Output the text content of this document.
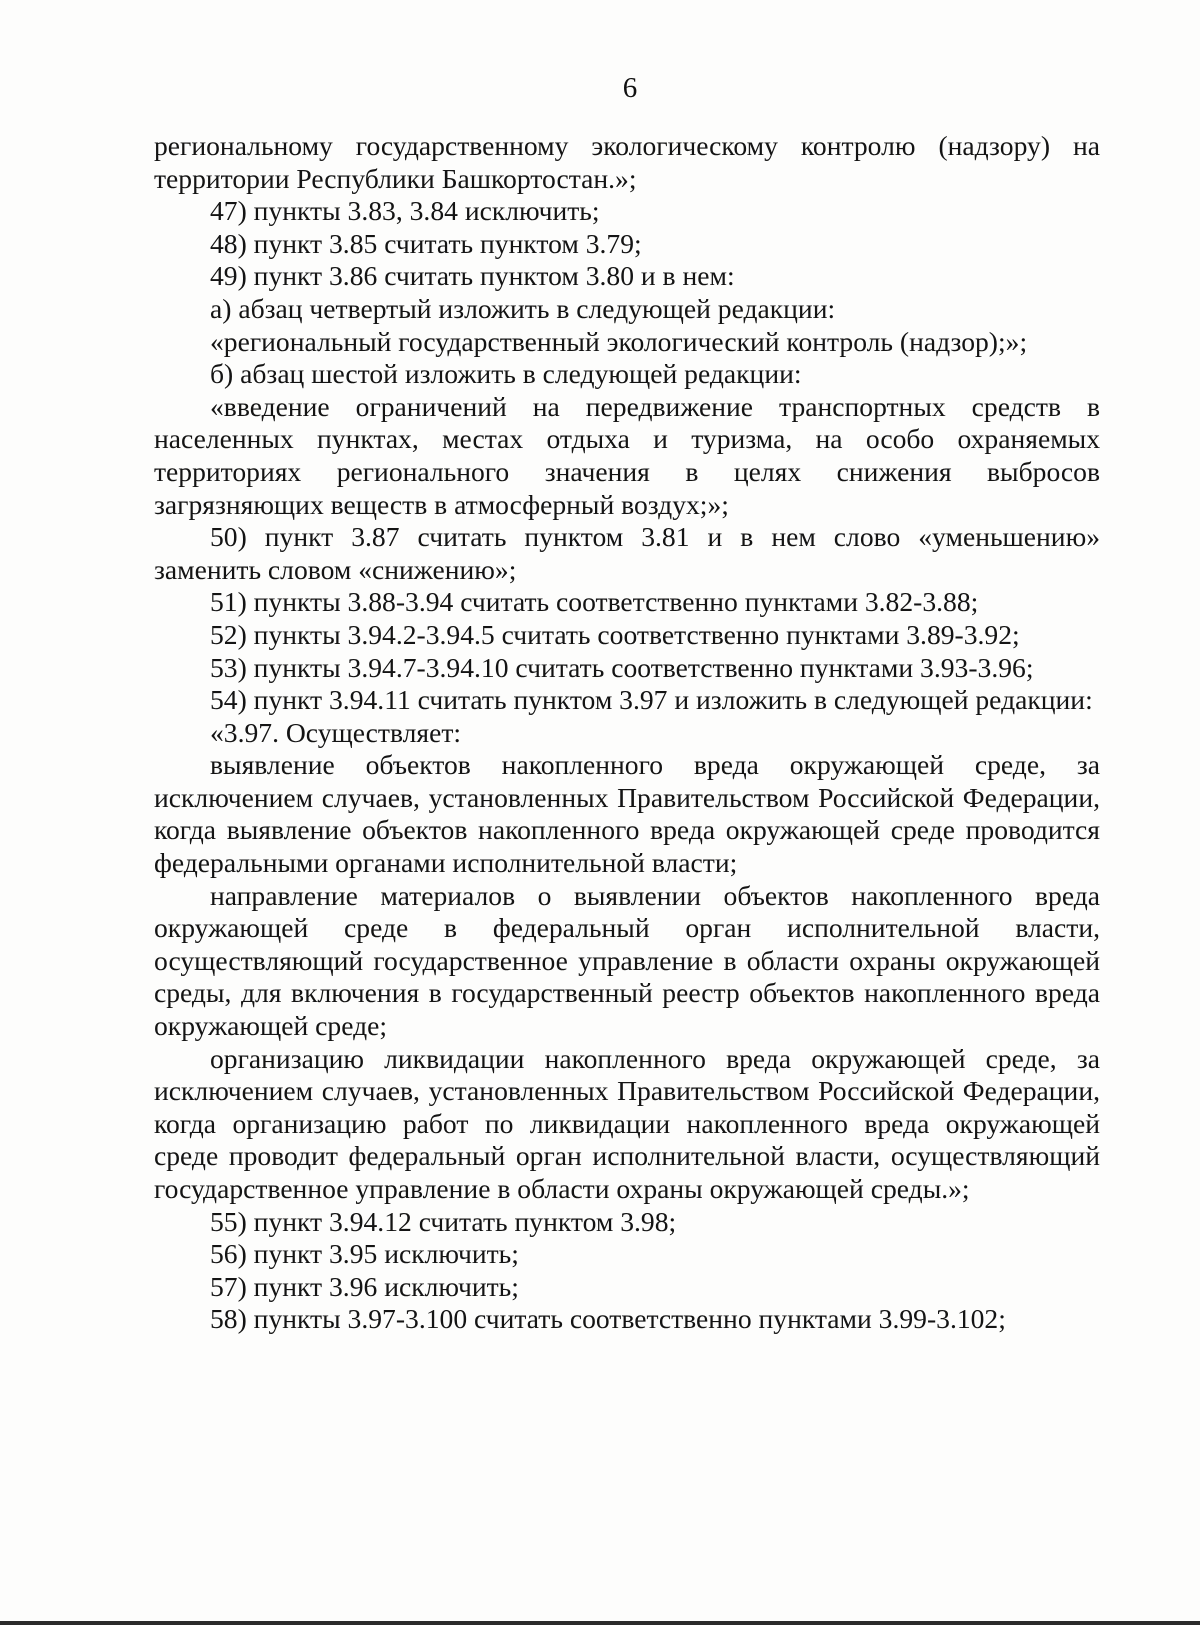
6

региональному государственному экологическому контролю (надзору) на территории Республики Башкортостан.»;

47) пункты 3.83, 3.84 исключить;

48) пункт 3.85 считать пунктом 3.79;

49) пункт 3.86 считать пунктом 3.80 и в нем:

а) абзац четвертый изложить в следующей редакции:

«региональный государственный экологический контроль (надзор);»;

б) абзац шестой изложить в следующей редакции:

«введение ограничений на передвижение транспортных средств в населенных пунктах, местах отдыха и туризма, на особо охраняемых территориях регионального значения в целях снижения выбросов загрязняющих веществ в атмосферный воздух;»;

50) пункт 3.87 считать пунктом 3.81 и в нем слово «уменьшению» заменить словом «снижению»;

51) пункты 3.88-3.94 считать соответственно пунктами 3.82-3.88;

52) пункты 3.94.2-3.94.5 считать соответственно пунктами 3.89-3.92;

53) пункты 3.94.7-3.94.10 считать соответственно пунктами 3.93-3.96;

54) пункт 3.94.11 считать пунктом 3.97 и изложить в следующей редакции:

«3.97. Осуществляет:

выявление объектов накопленного вреда окружающей среде, за исключением случаев, установленных Правительством Российской Федерации, когда выявление объектов накопленного вреда окружающей среде проводится федеральными органами исполнительной власти;

направление материалов о выявлении объектов накопленного вреда окружающей среде в федеральный орган исполнительной власти, осуществляющий государственное управление в области охраны окружающей среды, для включения в государственный реестр объектов накопленного вреда окружающей среде;

организацию ликвидации накопленного вреда окружающей среде, за исключением случаев, установленных Правительством Российской Федерации, когда организацию работ по ликвидации накопленного вреда окружающей среде проводит федеральный орган исполнительной власти, осуществляющий государственное управление в области охраны окружающей среды.»;

55) пункт 3.94.12 считать пунктом 3.98;

56) пункт 3.95 исключить;

57) пункт 3.96 исключить;

58) пункты 3.97-3.100 считать соответственно пунктами 3.99-3.102;
